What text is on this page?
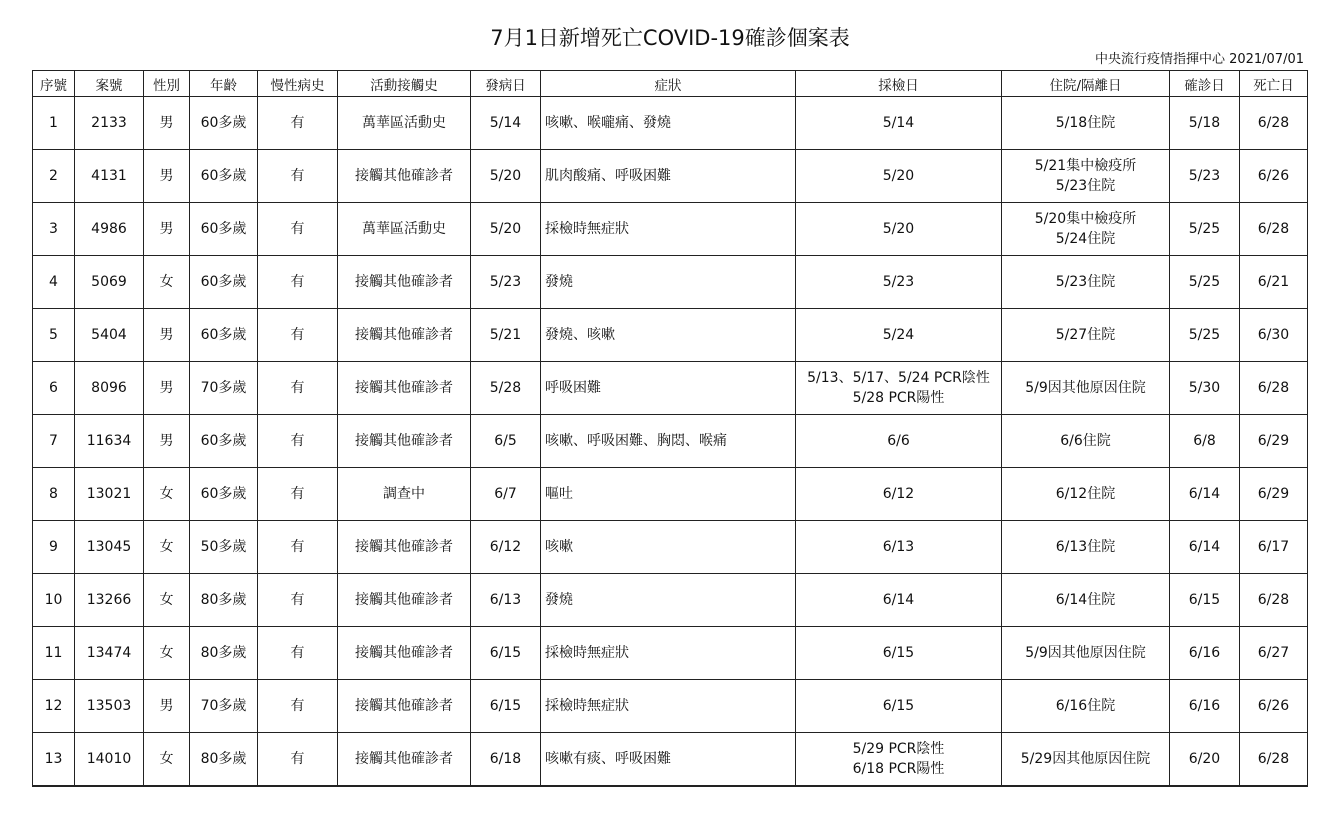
7月1日新增死亡COVID-19確診個案表
中央流行疫情指揮中心 2021/07/01
序號	案號	性別	年齡	慢性病史	活動接觸史	發病日	症狀	採檢日	住院/隔離日	確診日	死亡日
1	2133	男	60多歲	有	萬華區活動史	5/14	咳嗽、喉嚨痛、發燒	5/14	5/18住院	5/18	6/28
2	4131	男	60多歲	有	接觸其他確診者	5/20	肌肉酸痛、呼吸困難	5/20	5/21集中檢疫所
5/23住院	5/23	6/26
3	4986	男	60多歲	有	萬華區活動史	5/20	採檢時無症狀	5/20	5/20集中檢疫所
5/24住院	5/25	6/28
4	5069	女	60多歲	有	接觸其他確診者	5/23	發燒	5/23	5/23住院	5/25	6/21
5	5404	男	60多歲	有	接觸其他確診者	5/21	發燒、咳嗽	5/24	5/27住院	5/25	6/30
6	8096	男	70多歲	有	接觸其他確診者	5/28	呼吸困難	5/13、5/17、5/24 PCR陰性
5/28 PCR陽性	5/9因其他原因住院	5/30	6/28
7	11634	男	60多歲	有	接觸其他確診者	6/5	咳嗽、呼吸困難、胸悶、喉痛	6/6	6/6住院	6/8	6/29
8	13021	女	60多歲	有	調查中	6/7	嘔吐	6/12	6/12住院	6/14	6/29
9	13045	女	50多歲	有	接觸其他確診者	6/12	咳嗽	6/13	6/13住院	6/14	6/17
10	13266	女	80多歲	有	接觸其他確診者	6/13	發燒	6/14	6/14住院	6/15	6/28
11	13474	女	80多歲	有	接觸其他確診者	6/15	採檢時無症狀	6/15	5/9因其他原因住院	6/16	6/27
12	13503	男	70多歲	有	接觸其他確診者	6/15	採檢時無症狀	6/15	6/16住院	6/16	6/26
13	14010	女	80多歲	有	接觸其他確診者	6/18	咳嗽有痰、呼吸困難	5/29 PCR陰性
6/18 PCR陽性	5/29因其他原因住院	6/20	6/28
